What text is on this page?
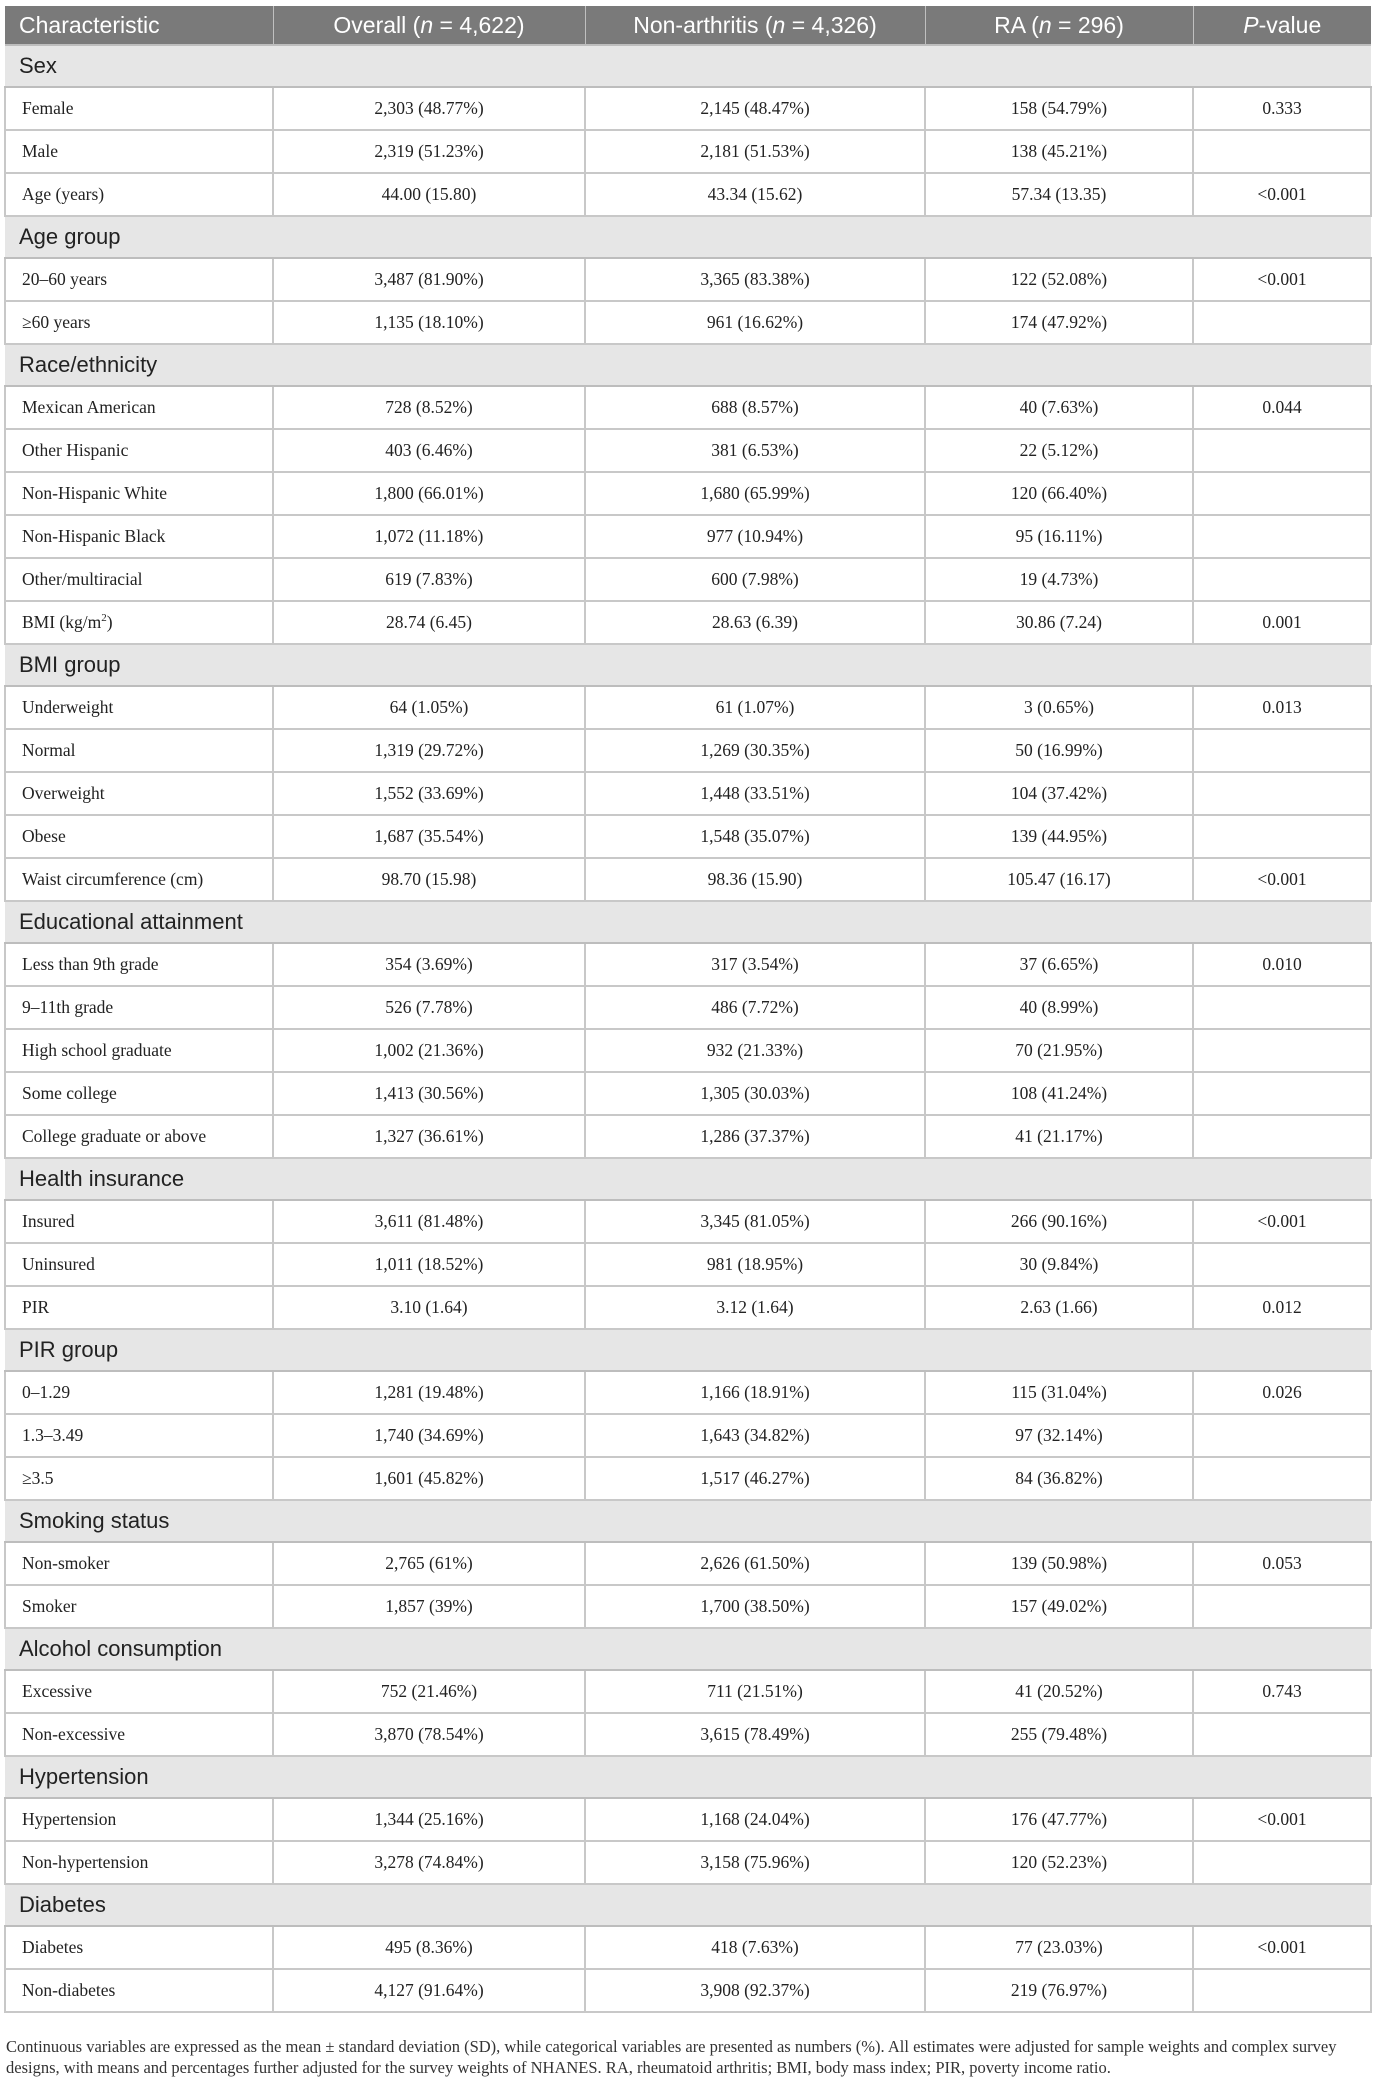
Characteristic	Overall (n = 4,622)	Non-arthritis (n = 4,326)	RA (n = 296)	P-value
Sex				
Female	2,303 (48.77%)	2,145 (48.47%)	158 (54.79%)	0.333
Male	2,319 (51.23%)	2,181 (51.53%)	138 (45.21%)	
Age (years)	44.00 (15.80)	43.34 (15.62)	57.34 (13.35)	<0.001
Age group				
20–60 years	3,487 (81.90%)	3,365 (83.38%)	122 (52.08%)	<0.001
≥60 years	1,135 (18.10%)	961 (16.62%)	174 (47.92%)	
Race/ethnicity				
Mexican American	728 (8.52%)	688 (8.57%)	40 (7.63%)	0.044
Other Hispanic	403 (6.46%)	381 (6.53%)	22 (5.12%)	
Non-Hispanic White	1,800 (66.01%)	1,680 (65.99%)	120 (66.40%)	
Non-Hispanic Black	1,072 (11.18%)	977 (10.94%)	95 (16.11%)	
Other/multiracial	619 (7.83%)	600 (7.98%)	19 (4.73%)	
BMI $(kg/m^2)$	28.74 (6.45)	28.63 (6.39)	30.86 (7.24)	0.001
BMI group				
Underweight	64 (1.05%)	61 (1.07%)	3 (0.65%)	0.013
Normal	1,319 (29.72%)	1,269 (30.35%)	50 (16.99%)	
Overweight	1,552 (33.69%)	1,448 (33.51%)	104 (37.42%)	
Obese	1,687 (35.54%)	1,548 (35.07%)	139 (44.95%)	
Waist circumference (cm)	98.70 (15.98)	98.36 (15.90)	105.47 (16.17)	<0.001
Educational attainment				
Less than 9th grade	354 (3.69%)	317 (3.54%)	37 (6.65%)	0.010
9–11th grade	526 (7.78%)	486 (7.72%)	40 (8.99%)	
High school graduate	1,002 (21.36%)	932 (21.33%)	70 (21.95%)	
Some college	1,413 (30.56%)	1,305 (30.03%)	108 (41.24%)	
College graduate or above	1,327 (36.61%)	1,286 (37.37%)	41 (21.17%)	
Health insurance				
Insured	3,611 (81.48%)	3,345 (81.05%)	266 (90.16%)	<0.001
Uninsured	1,011 (18.52%)	981 (18.95%)	30 (9.84%)	
PIR	3.10 (1.64)	3.12 (1.64)	2.63 (1.66)	0.012
PIR group				
0–1.29	1,281 (19.48%)	1,166 (18.91%)	115 (31.04%)	0.026
1.3–3.49	1,740 (34.69%)	1,643 (34.82%)	97 (32.14%)	
≥3.5	1,601 (45.82%)	1,517 (46.27%)	84 (36.82%)	
Smoking status				
Non-smoker	2,765 (61%)	2,626 (61.50%)	139 (50.98%)	0.053
Smoker	1,857 (39%)	1,700 (38.50%)	157 (49.02%)	
Alcohol consumption				
Excessive	752 (21.46%)	711 (21.51%)	41 (20.52%)	0.743
Non-excessive	3,870 (78.54%)	3,615 (78.49%)	255 (79.48%)	
Hypertension				
Hypertension	1,344 (25.16%)	1,168 (24.04%)	176 (47.77%)	<0.001
Non-hypertension	3,278 (74.84%)	3,158 (75.96%)	120 (52.23%)	
Diabetes				
Diabetes	495 (8.36%)	418 (7.63%)	77 (23.03%)	<0.001
Non-diabetes	4,127 (91.64%)	3,908 (92.37%)	219 (76.97%)	
Continuous variables are expressed as the mean ± standard deviation (SD), while categorical variables are presented as numbers (%). All estimates were adjusted for sample weights and complex survey designs, with means and percentages further adjusted for the survey weights of NHANES. RA, rheumatoid arthritis; BMI, body mass index; PIR, poverty income ratio.
